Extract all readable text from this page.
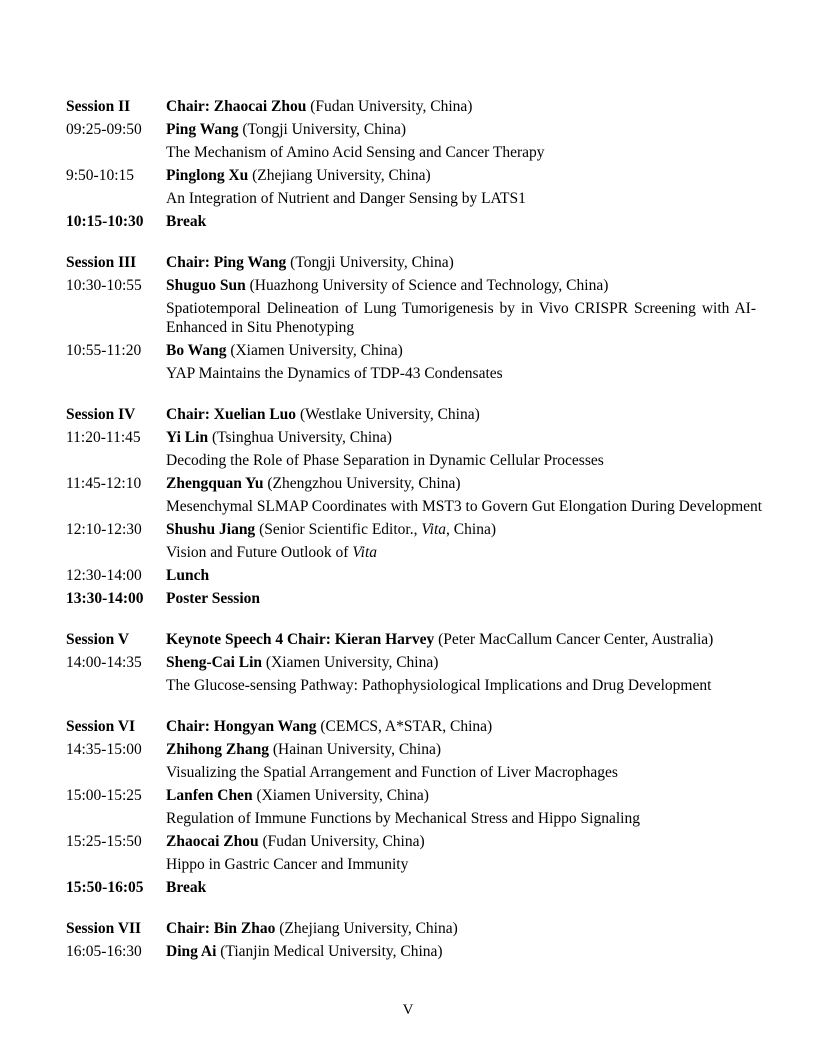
Session II	Chair: Zhaocai Zhou (Fudan University, China)

09:25-09:50	Ping Wang (Tongji University, China)

The Mechanism of Amino Acid Sensing and Cancer Therapy

9:50-10:15	Pinglong Xu (Zhejiang University, China)

An Integration of Nutrient and Danger Sensing by LATS1

10:15-10:30	Break

Session III	Chair: Ping Wang (Tongji University, China)

10:30-10:55	Shuguo Sun (Huazhong University of Science and Technology, China)

Spatiotemporal Delineation of Lung Tumorigenesis by in Vivo CRISPR Screening with AI-Enhanced in Situ Phenotyping

10:55-11:20	Bo Wang (Xiamen University, China)

YAP Maintains the Dynamics of TDP-43 Condensates

Session IV	Chair: Xuelian Luo (Westlake University, China)

11:20-11:45	Yi Lin (Tsinghua University, China)

Decoding the Role of Phase Separation in Dynamic Cellular Processes

11:45-12:10	Zhengquan Yu (Zhengzhou University, China)

Mesenchymal SLMAP Coordinates with MST3 to Govern Gut Elongation During Development

12:10-12:30	Shushu Jiang (Senior Scientific Editor., Vita, China)

Vision and Future Outlook of Vita

12:30-14:00	Lunch

13:30-14:00	Poster Session

Session V	Keynote Speech 4 Chair: Kieran Harvey (Peter MacCallum Cancer Center, Australia)

14:00-14:35	Sheng-Cai Lin (Xiamen University, China)

The Glucose-sensing Pathway: Pathophysiological Implications and Drug Development

Session VI	Chair: Hongyan Wang (CEMCS, A*STAR, China)

14:35-15:00	Zhihong Zhang (Hainan University, China)

Visualizing the Spatial Arrangement and Function of Liver Macrophages

15:00-15:25	Lanfen Chen (Xiamen University, China)

Regulation of Immune Functions by Mechanical Stress and Hippo Signaling

15:25-15:50	Zhaocai Zhou (Fudan University, China)

Hippo in Gastric Cancer and Immunity

15:50-16:05	Break

Session VII	Chair: Bin Zhao (Zhejiang University, China)

16:05-16:30	Ding Ai (Tianjin Medical University, China)

V
